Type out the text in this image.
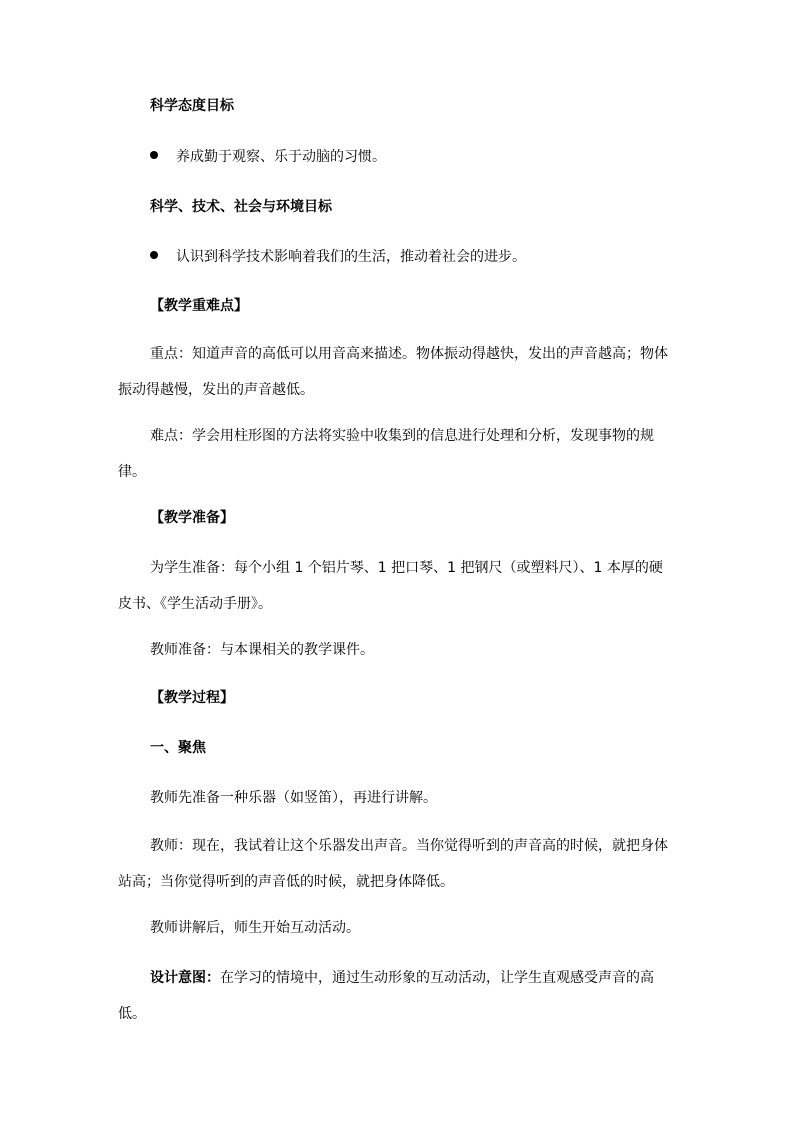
科学态度目标
养成勤于观察、乐于动脑的习惯。
科学、技术、社会与环境目标
认识到科学技术影响着我们的生活，推动着社会的进步。
【教学重难点】
重点：知道声音的高低可以用音高来描述。物体振动得越快，发出的声音越高；物体振动得越慢，发出的声音越低。
难点：学会用柱形图的方法将实验中收集到的信息进行处理和分析，发现事物的规律。
【教学准备】
为学生准备：每个小组 1 个铝片琴、1 把口琴、1 把钢尺（或塑料尺）、1 本厚的硬皮书、《学生活动手册》。
教师准备：与本课相关的教学课件。
【教学过程】
一、聚焦
教师先准备一种乐器（如竖笛），再进行讲解。
教师：现在，我试着让这个乐器发出声音。当你觉得听到的声音高的时候，就把身体站高；当你觉得听到的声音低的时候，就把身体降低。
教师讲解后，师生开始互动活动。
设计意图：在学习的情境中，通过生动形象的互动活动，让学生直观感受声音的高低。
